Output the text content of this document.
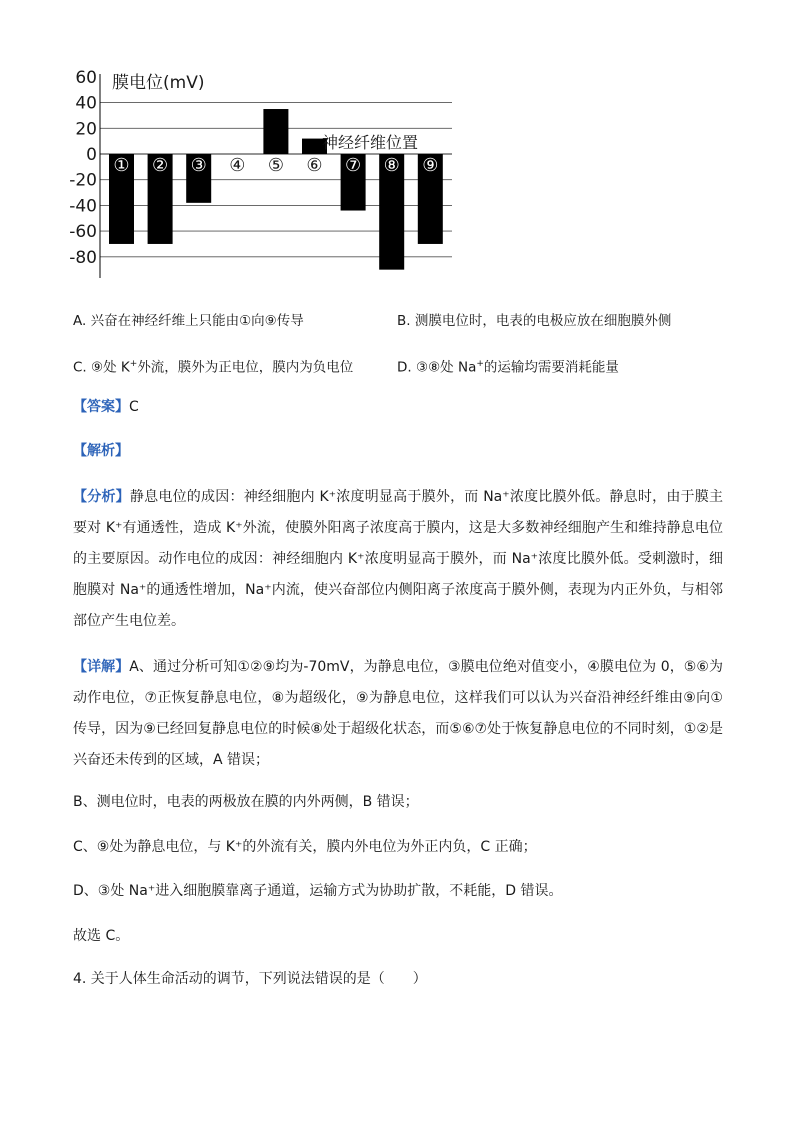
60
40
20
0
-20
-40
-60
-80
① ② ③ ④ ⑤ ⑥ ⑦ ⑧ ⑨
膜电位(mV)
神经纤维位置
A. 兴奋在神经纤维上只能由①向⑨传导	B. 测膜电位时，电表的电极应放在细胞膜外侧
C. ⑨处 K+外流，膜外为正电位，膜内为负电位	D. ③⑧处 Na+的运输均需要消耗能量
【答案】C
【解析】
【分析】静息电位的成因：神经细胞内 K⁺浓度明显高于膜外，而 Na⁺浓度比膜外低。静息时，由于膜主要对 K⁺有通透性，造成 K⁺外流，使膜外阳离子浓度高于膜内，这是大多数神经细胞产生和维持静息电位的主要原因。动作电位的成因：神经细胞内 K⁺浓度明显高于膜外，而 Na⁺浓度比膜外低。受刺激时，细胞膜对 Na⁺的通透性增加，Na⁺内流，使兴奋部位内侧阳离子浓度高于膜外侧，表现为内正外负，与相邻部位产生电位差。
【详解】A、通过分析可知①②⑨均为-70mV，为静息电位，③膜电位绝对值变小，④膜电位为 0，⑤⑥为动作电位，⑦正恢复静息电位，⑧为超级化，⑨为静息电位，这样我们可以认为兴奋沿神经纤维由⑨向①传导，因为⑨已经回复静息电位的时候⑧处于超级化状态，而⑤⑥⑦处于恢复静息电位的不同时刻，①②是兴奋还未传到的区域，A 错误；
B、测电位时，电表的两极放在膜的内外两侧，B 错误；
C、⑨处为静息电位，与 K⁺的外流有关，膜内外电位为外正内负，C 正确；
D、③处 Na⁺进入细胞膜靠离子通道，运输方式为协助扩散，不耗能，D 错误。
故选 C。
4. 关于人体生命活动的调节，下列说法错误的是（　　）
